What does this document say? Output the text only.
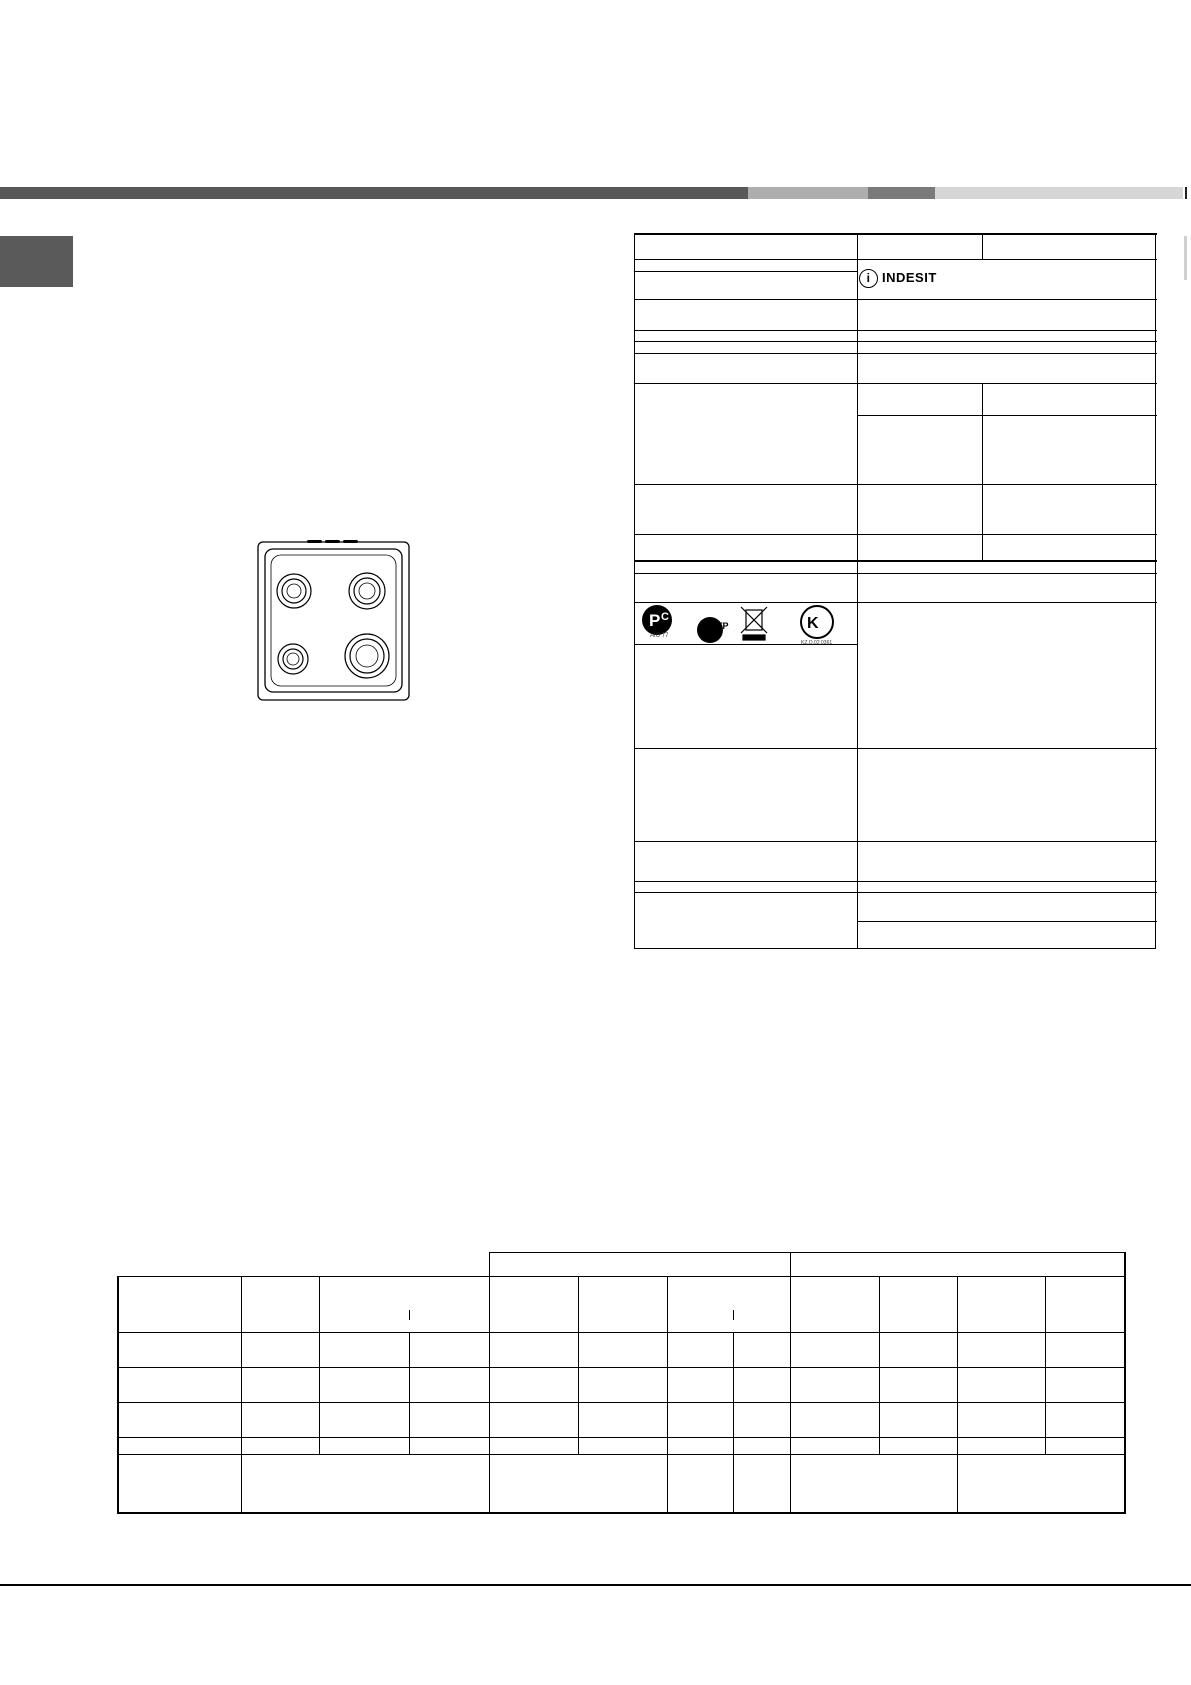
i INDESIT
P C
TP	K
AЮ 77
KZ.O.02.0361
